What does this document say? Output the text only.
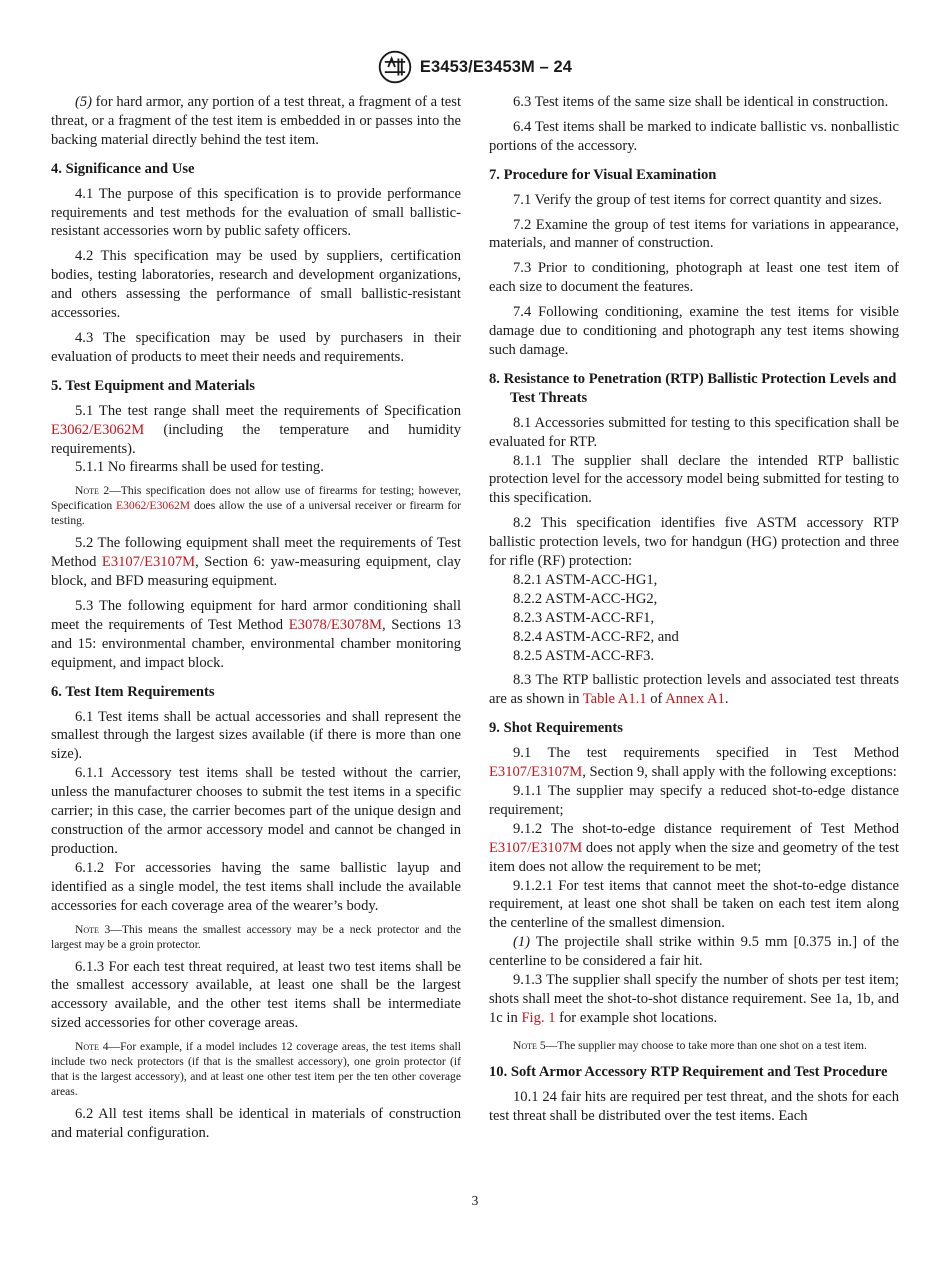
E3453/E3453M – 24

(5) for hard armor, any portion of a test threat, a fragment of a test threat, or a fragment of the test item is embedded in or passes into the backing material directly behind the test item.

4. Significance and Use

4.1 The purpose of this specification is to provide performance requirements and test methods for the evaluation of small ballistic-resistant accessories worn by public safety officers.

4.2 This specification may be used by suppliers, certification bodies, testing laboratories, research and development organizations, and others assessing the performance of small ballistic-resistant accessories.

4.3 The specification may be used by purchasers in their evaluation of products to meet their needs and requirements.

5. Test Equipment and Materials

5.1 The test range shall meet the requirements of Specification E3062/E3062M (including the temperature and humidity requirements).

5.1.1 No firearms shall be used for testing.

Note 2—This specification does not allow use of firearms for testing; however, Specification E3062/E3062M does allow the use of a universal receiver or firearm for testing.

5.2 The following equipment shall meet the requirements of Test Method E3107/E3107M, Section 6: yaw-measuring equipment, clay block, and BFD measuring equipment.

5.3 The following equipment for hard armor conditioning shall meet the requirements of Test Method E3078/E3078M, Sections 13 and 15: environmental chamber, environmental chamber monitoring equipment, and impact block.

6. Test Item Requirements

6.1 Test items shall be actual accessories and shall represent the smallest through the largest sizes available (if there is more than one size).

6.1.1 Accessory test items shall be tested without the carrier, unless the manufacturer chooses to submit the test items in a specific carrier; in this case, the carrier becomes part of the unique design and construction of the armor accessory model and cannot be changed in production.

6.1.2 For accessories having the same ballistic layup and identified as a single model, the test items shall include the available accessories for each coverage area of the wearer’s body.

Note 3—This means the smallest accessory may be a neck protector and the largest may be a groin protector.

6.1.3 For each test threat required, at least two test items shall be the smallest accessory available, at least one shall be the largest accessory available, and the other test items shall be intermediate sized accessories for other coverage areas.

Note 4—For example, if a model includes 12 coverage areas, the test items shall include two neck protectors (if that is the smallest accessory), one groin protector (if that is the largest accessory), and at least one other test item per the ten other coverage areas.

6.2 All test items shall be identical in materials of construction and material configuration.

6.3 Test items of the same size shall be identical in construction.

6.4 Test items shall be marked to indicate ballistic vs. nonballistic portions of the accessory.

7. Procedure for Visual Examination

7.1 Verify the group of test items for correct quantity and sizes.

7.2 Examine the group of test items for variations in appearance, materials, and manner of construction.

7.3 Prior to conditioning, photograph at least one test item of each size to document the features.

7.4 Following conditioning, examine the test items for visible damage due to conditioning and photograph any test items showing such damage.

8. Resistance to Penetration (RTP) Ballistic Protection Levels and Test Threats

8.1 Accessories submitted for testing to this specification shall be evaluated for RTP.

8.1.1 The supplier shall declare the intended RTP ballistic protection level for the accessory model being submitted for testing to this specification.

8.2 This specification identifies five ASTM accessory RTP ballistic protection levels, two for handgun (HG) protection and three for rifle (RF) protection:

8.2.1 ASTM-ACC-HG1,
8.2.2 ASTM-ACC-HG2,
8.2.3 ASTM-ACC-RF1,
8.2.4 ASTM-ACC-RF2, and
8.2.5 ASTM-ACC-RF3.

8.3 The RTP ballistic protection levels and associated test threats are as shown in Table A1.1 of Annex A1.

9. Shot Requirements

9.1 The test requirements specified in Test Method E3107/E3107M, Section 9, shall apply with the following exceptions:

9.1.1 The supplier may specify a reduced shot-to-edge distance requirement;

9.1.2 The shot-to-edge distance requirement of Test Method E3107/E3107M does not apply when the size and geometry of the test item does not allow the requirement to be met;

9.1.2.1 For test items that cannot meet the shot-to-edge distance requirement, at least one shot shall be taken on each test item along the centerline of the smallest dimension.

(1) The projectile shall strike within 9.5 mm [0.375 in.] of the centerline to be considered a fair hit.

9.1.3 The supplier shall specify the number of shots per test item; shots shall meet the shot-to-shot distance requirement. See 1a, 1b, and 1c in Fig. 1 for example shot locations.

Note 5—The supplier may choose to take more than one shot on a test item.

10. Soft Armor Accessory RTP Requirement and Test Procedure

10.1 24 fair hits are required per test threat, and the shots for each test threat shall be distributed over the test items. Each

3
